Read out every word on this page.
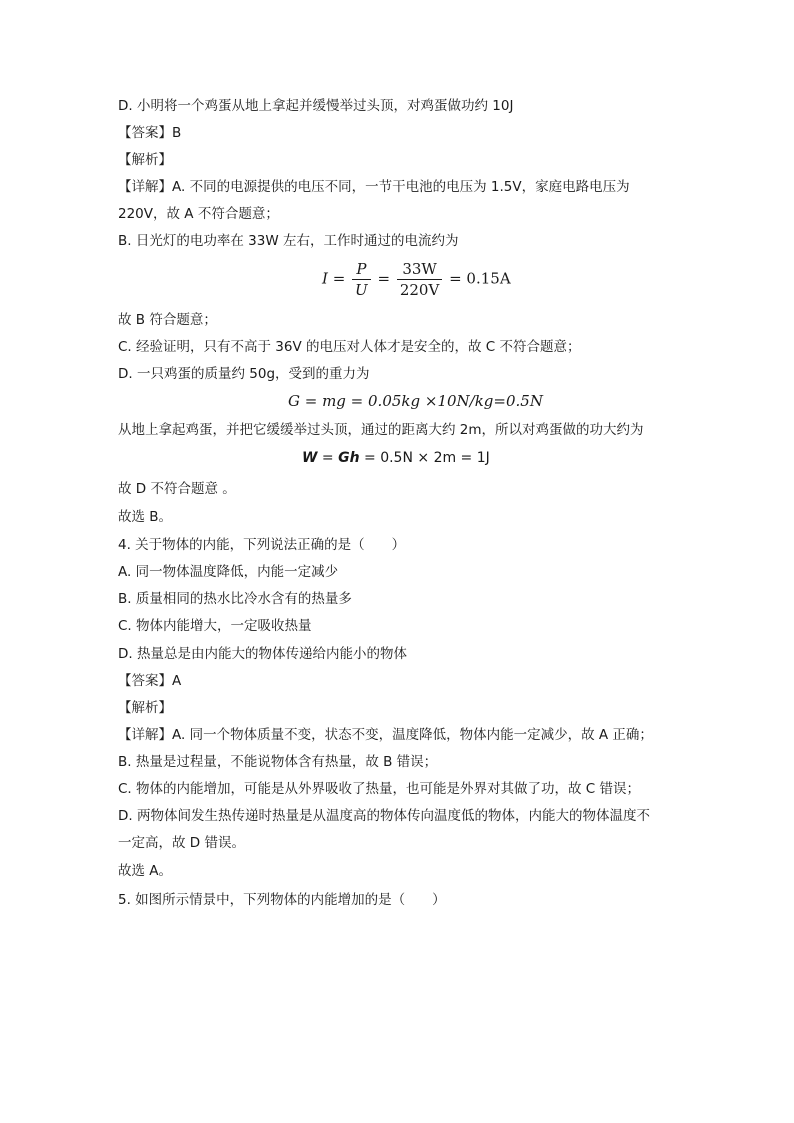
D. 小明将一个鸡蛋从地上拿起并缓慢举过头顶，对鸡蛋做功约 10J
【答案】B
【解析】
【详解】A. 不同的电源提供的电压不同，一节干电池的电压为 1.5V，家庭电路电压为
220V，故 A 不符合题意；
B. 日光灯的电功率在 33W 左右，工作时通过的电流约为
$I = \frac{P}{U} = \frac{33W}{220V} = 0.15A$
故 B 符合题意；
C. 经验证明，只有不高于 36V 的电压对人体才是安全的，故 C 不符合题意；
D. 一只鸡蛋的质量约 50g，受到的重力为
G = mg = 0.05kg ×10N/kg=0.5N
从地上拿起鸡蛋，并把它缓缓举过头顶，通过的距离大约 2m，所以对鸡蛋做的功大约为
W = Gh = 0.5N × 2m = 1J
故 D 不符合题意 。
故选 B。
4. 关于物体的内能，下列说法正确的是（　　）
A. 同一物体温度降低，内能一定减少
B. 质量相同的热水比冷水含有的热量多
C. 物体内能增大，一定吸收热量
D. 热量总是由内能大的物体传递给内能小的物体
【答案】A
【解析】
【详解】A. 同一个物体质量不变，状态不变，温度降低，物体内能一定减少，故 A 正确；
B. 热量是过程量，不能说物体含有热量，故 B 错误；
C. 物体的内能增加，可能是从外界吸收了热量，也可能是外界对其做了功，故 C 错误；
D. 两物体间发生热传递时热量是从温度高的物体传向温度低的物体，内能大的物体温度不
一定高，故 D 错误。
故选 A。
5. 如图所示情景中，下列物体的内能增加的是（　　）
